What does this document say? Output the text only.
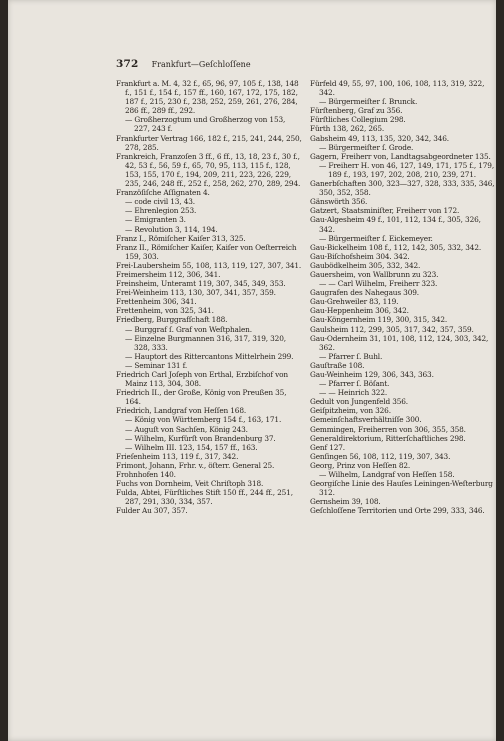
372 Frankfurt—Geſchloſſene
Frankfurt a. M. 4, 32 f., 65, 96, 97, 105 f., 138, 148 f., 151 f., 154 f., 157 ff., 160, 167, 172, 175, 182, 187 f., 215, 230 f., 238, 252, 259, 261, 276, 284, 286 ff., 289 ff., 292.
— Großherzogtum und Großherzog von 153, 227, 243 f.
Frankfurter Vertrag 166, 182 f., 215, 241, 244, 250, 278, 285.
Frankreich, Franzoſen 3 ff., 6 ff., 13, 18, 23 f., 30 f., 42, 53 f., 56, 59 f., 65, 70, 95, 113, 115 f., 128, 153, 155, 170 f., 194, 209, 211, 223, 226, 229, 235, 246, 248 ff., 252 f., 258, 262, 270, 289, 294.
Franzöſiſche Aſſignaten 4.
— code civil 13, 43.
— Ehrenlegion 253.
— Emigranten 3.
— Revolution 3, 114, 194.
Franz I., Römiſcher Kaiſer 313, 325.
Franz II., Römiſcher Kaiſer, Kaiſer von Oeſterreich 159, 303.
Frei-Laubersheim 55, 108, 113, 119, 127, 307, 341.
Freimersheim 112, 306, 341.
Freinsheim, Unteramt 119, 307, 345, 349, 353.
Frei-Weinheim 113, 130, 307, 341, 357, 359.
Frettenheim 306, 341.
Frettenheim, von 325, 341.
Friedberg, Burggrafſchaft 188.
— Burggraf ſ. Graf von Weſtphalen.
— Einzelne Burgmannen 316, 317, 319, 320, 328, 333.
— Hauptort des Rittercantons Mittelrhein 299.
— Seminar 131 f.
Friedrich Carl Joſeph von Erthal, Erzbiſchof von Mainz 113, 304, 308.
Friedrich II., der Große, König von Preußen 35, 164.
Friedrich, Landgraf von Heſſen 168.
— König von Württemberg 154 f., 163, 171.
— Auguſt von Sachſen, König 243.
— Wilhelm, Kurfürſt von Brandenburg 37.
— Wilhelm III. 123, 154, 157 ff., 163.
Frieſenheim 113, 119 f., 317, 342.
Frimont, Johann, Frhr. v., öſterr. General 25.
Frohnhofen 140.
Fuchs von Dornheim, Veit Chriſtoph 318.
Fulda, Abtei, Fürſtliches Stift 150 ff., 244 ff., 251, 287, 291, 330, 334, 357.
Fulder Au 307, 357.
Fürfeld 49, 55, 97, 100, 106, 108, 113, 319, 322, 342.
— Bürgermeiſter ſ. Brunck.
Fürſtenberg, Graf zu 356.
Fürſtliches Collegium 298.
Fürth 138, 262, 265.
Gabsheim 49, 113, 135, 320, 342, 346.
— Bürgermeiſter ſ. Grode.
Gagern, Freiherr von, Landtagsabgeordneter 135.
— Freiherr H. von 46, 127, 149, 171, 175 f., 179, 189 f., 193, 197, 202, 208, 210, 239, 271.
Ganerbſchaften 300, 323—327, 328, 333, 335, 346, 350, 352, 358.
Gänswörth 356.
Gatzert, Staatsminiſter, Freiherr von 172.
Gau-Algesheim 49 f., 101, 112, 134 f., 305, 326, 342.
— Bürgermeiſter ſ. Eickemeyer.
Gau-Bickelheim 108 f., 112, 142, 305, 332, 342.
Gau-Biſchofsheim 304. 342.
Gaubödkelheim 305, 332, 342.
Gauersheim, von Wallbrunn zu 323.
— — Carl Wilhelm, Freiherr 323.
Gaugrafen des Nahegaus 309.
Gau-Grehweiler 83, 119.
Gau-Heppenheim 306, 342.
Gau-Köngernheim 119, 300, 315, 342.
Gaulsheim 112, 299, 305, 317, 342, 357, 359.
Gau-Odernheim 31, 101, 108, 112, 124, 303, 342, 362.
— Pfarrer ſ. Buhl.
Gauſtraße 108.
Gau-Weinheim 129, 306, 343, 363.
— Pfarrer ſ. Böſant.
— — Heinrich 322.
Gedult von Jungenfeld 356.
Geiſpitzheim, von 326.
Gemeinſchaftsverhältniſſe 300.
Gemmingen, Freiherren von 306, 355, 358.
Generaldirektorium, Ritterſchaftliches 298.
Genf 127.
Genſingen 56, 108, 112, 119, 307, 343.
Georg, Prinz von Heſſen 82.
— Wilhelm, Landgraf von Heſſen 158.
Georgiſche Linie des Hauſes Leiningen-Weſterburg 312.
Gernsheim 39, 108.
Geſchloſſene Territorien und Orte 299, 333, 346.
